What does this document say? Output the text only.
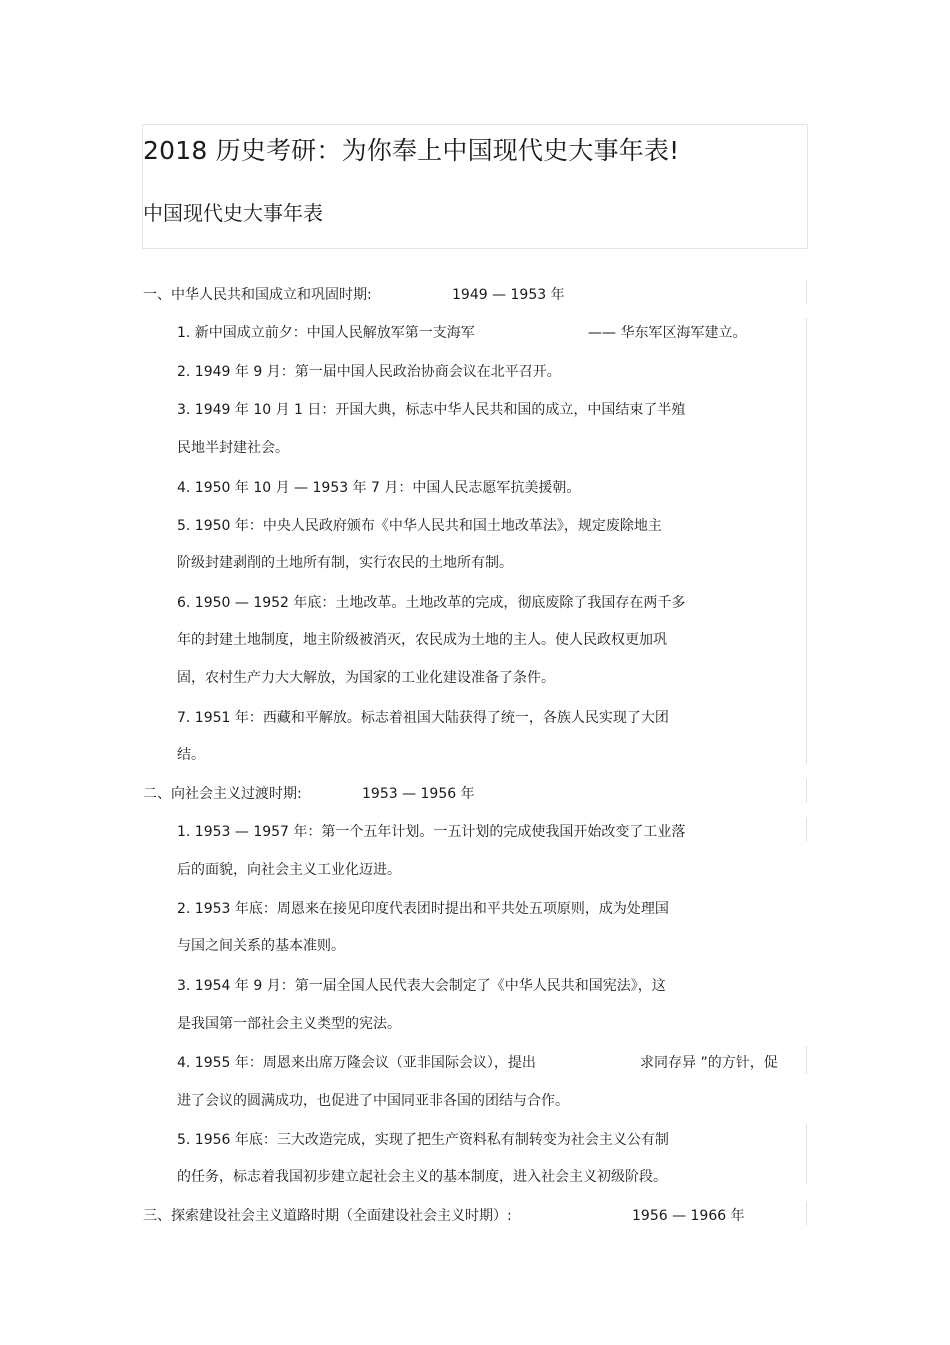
2018 历史考研：为你奉上中国现代史大事年表!
中国现代史大事年表
一、中华人民共和国成立和巩固时期:	1949 — 1953 年
1. 新中国成立前夕：中国人民解放军第一支海军	—— 华东军区海军建立。
2. 1949 年 9 月：第一届中国人民政治协商会议在北平召开。
3. 1949 年 10 月 1 日：开国大典，标志中华人民共和国的成立，中国结束了半殖
民地半封建社会。
4. 1950 年 10 月 — 1953 年 7 月：中国人民志愿军抗美援朝。
5. 1950 年：中央人民政府颁布《中华人民共和国土地改革法》，规定废除地主
阶级封建剥削的土地所有制，实行农民的土地所有制。
6. 1950 — 1952 年底：土地改革。土地改革的完成，彻底废除了我国存在两千多
年的封建土地制度，地主阶级被消灭，农民成为土地的主人。使人民政权更加巩
固，农村生产力大大解放，为国家的工业化建设准备了条件。
7. 1951 年：西藏和平解放。标志着祖国大陆获得了统一，各族人民实现了大团
结。
二、向社会主义过渡时期:	1953 — 1956 年
1. 1953 — 1957 年：第一个五年计划。一五计划的完成使我国开始改变了工业落
后的面貌，向社会主义工业化迈进。
2. 1953 年底：周恩来在接见印度代表团时提出和平共处五项原则，成为处理国
与国之间关系的基本准则。
3. 1954 年 9 月：第一届全国人民代表大会制定了《中华人民共和国宪法》，这
是我国第一部社会主义类型的宪法。
4. 1955 年：周恩来出席万隆会议（亚非国际会议），提出	求同存异 ”的方针，促
进了会议的圆满成功，也促进了中国同亚非各国的团结与合作。
5. 1956 年底：三大改造完成，实现了把生产资料私有制转变为社会主义公有制
的任务，标志着我国初步建立起社会主义的基本制度，进入社会主义初级阶段。
三、探索建设社会主义道路时期（全面建设社会主义时期）:	1956 — 1966 年
